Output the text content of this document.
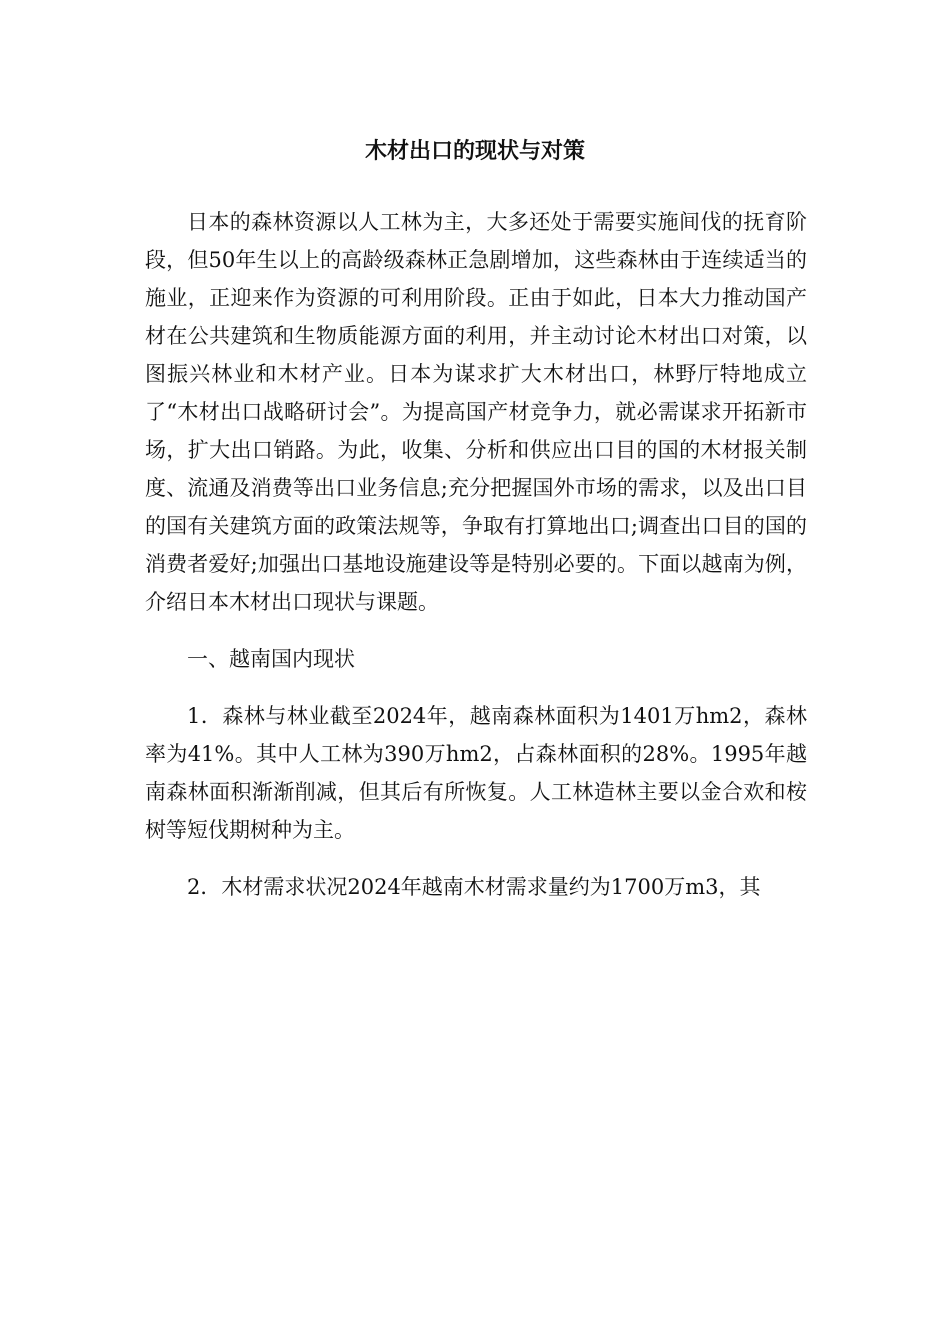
木材出口的现状与对策

日本的森林资源以人工林为主，大多还处于需要实施间伐的抚育阶段，但50年生以上的高龄级森林正急剧增加，这些森林由于连续适当的施业，正迎来作为资源的可利用阶段。正由于如此，日本大力推动国产材在公共建筑和生物质能源方面的利用，并主动讨论木材出口对策，以图振兴林业和木材产业。日本为谋求扩大木材出口，林野厅特地成立了“木材出口战略研讨会”。为提高国产材竞争力，就必需谋求开拓新市场，扩大出口销路。为此，收集、分析和供应出口目的国的木材报关制度、流通及消费等出口业务信息;充分把握国外市场的需求，以及出口目的国有关建筑方面的政策法规等，争取有打算地出口;调查出口目的国的消费者爱好;加强出口基地设施建设等是特别必要的。下面以越南为例，介绍日本木材出口现状与课题。

一、越南国内现状

1．森林与林业截至2024年，越南森林面积为1401万hm2，森林率为41%。其中人工林为390万hm2，占森林面积的28%。1995年越南森林面积渐渐削减，但其后有所恢复。人工林造林主要以金合欢和桉树等短伐期树种为主。

2．木材需求状况2024年越南木材需求量约为1700万m3，其
